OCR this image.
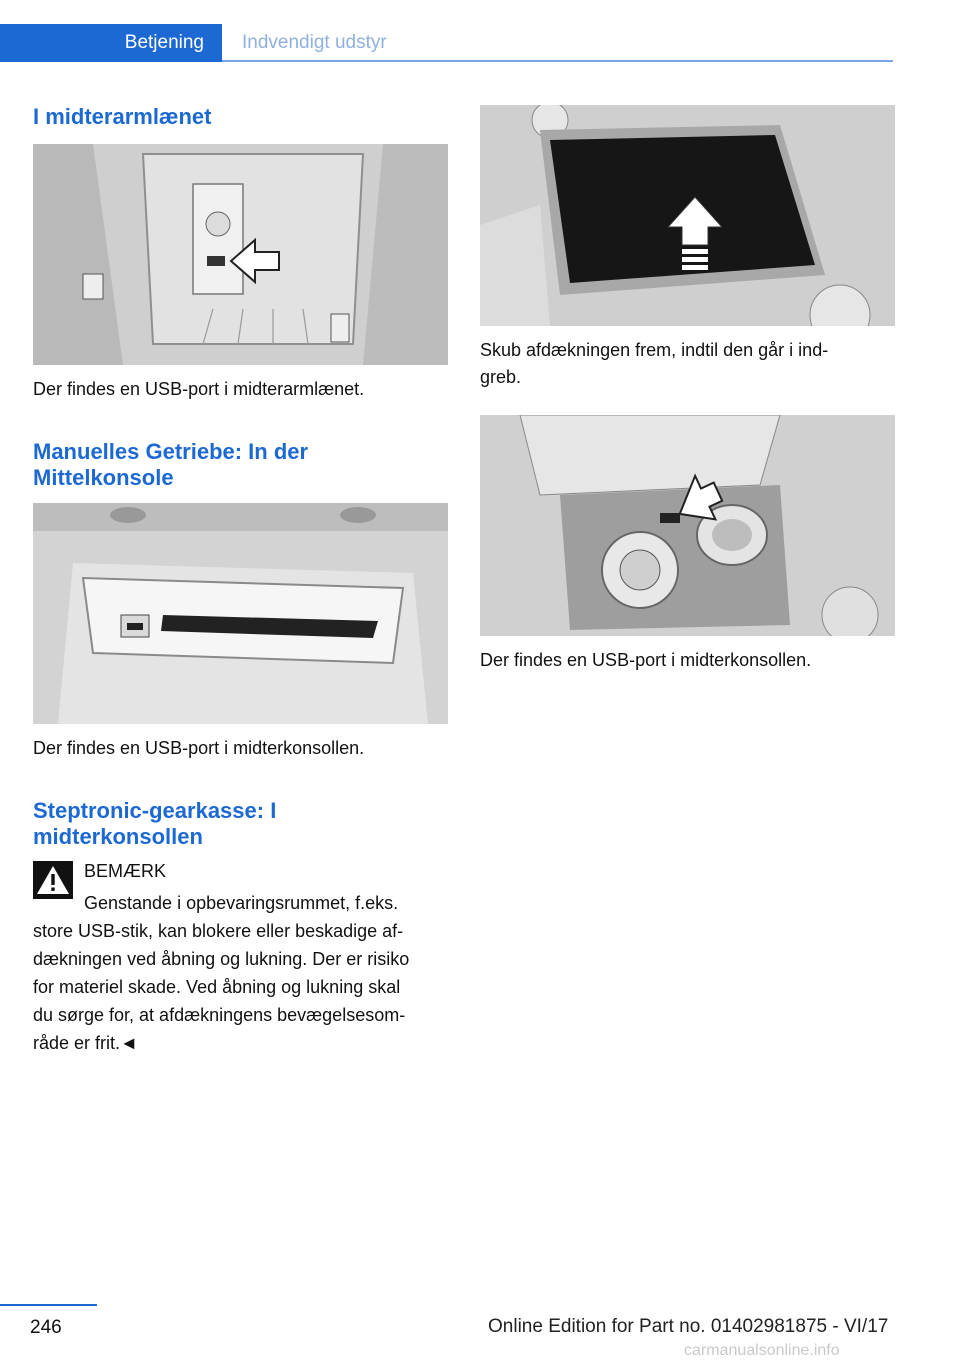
Betjening	Indvendigt udstyr
I midterarmlænet

Der findes en USB-port i midterarmlænet.

Manuelles Getriebe: In der Mittelkonsole

Der findes en USB-port i midterkonsollen.

Steptronic-gearkasse: I midterkonsollen
BEMÆRK
Genstande i opbevaringsrummet, f.eks.
store USB-stik, kan blokere eller beskadige af-
dækningen ved åbning og lukning. Der er risiko
for materiel skade. Ved åbning og lukning skal
du sørge for, at afdækningens bevægelsesom-
råde er frit.◄

Skub afdækningen frem, indtil den går i ind-
greb.

Der findes en USB-port i midterkonsollen.

246	Online Edition for Part no. 01402981875 - VI/17
carmanualsonline.info
